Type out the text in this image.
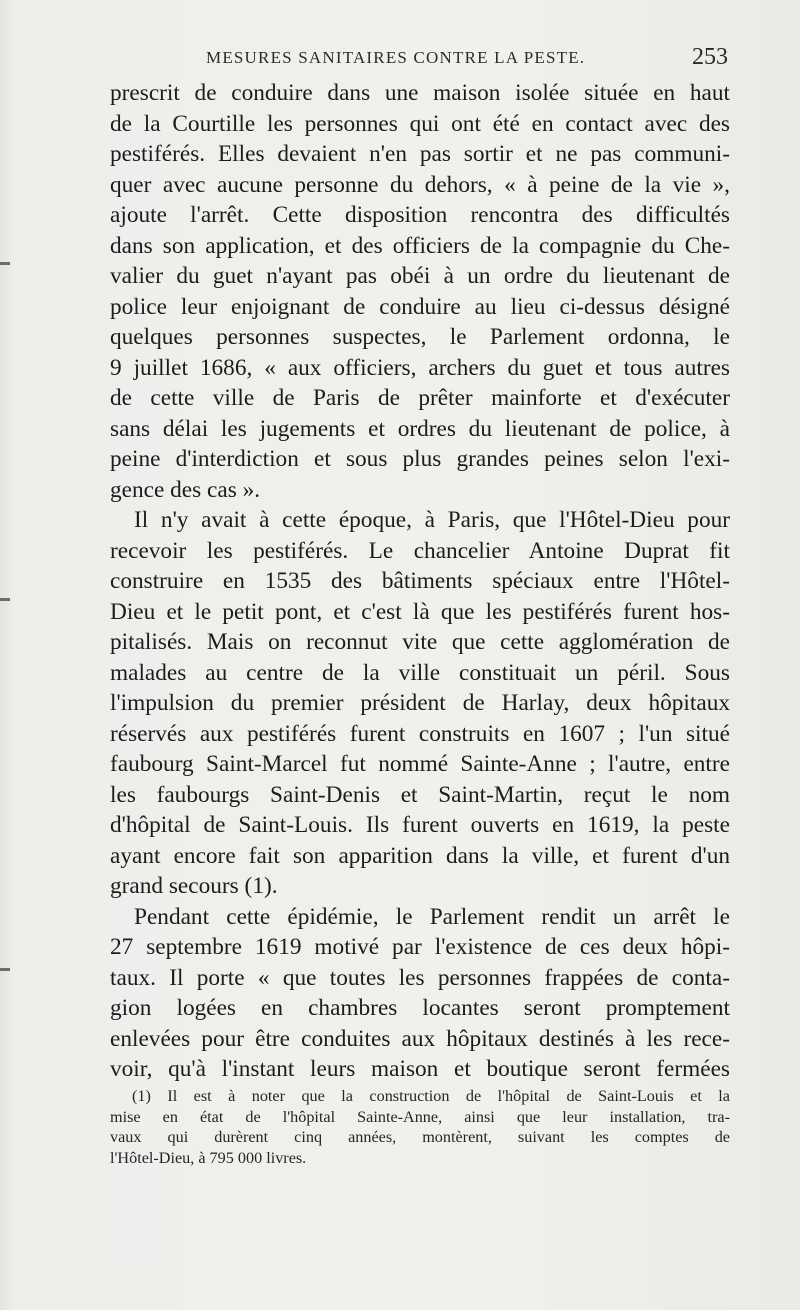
MESURES SANITAIRES CONTRE LA PESTE.	253
prescrit de conduire dans une maison isolée située en haut
de la Courtille les personnes qui ont été en contact avec des
pestiférés. Elles devaient n'en pas sortir et ne pas communi-
quer avec aucune personne du dehors, « à peine de la vie »,
ajoute l'arrêt. Cette disposition rencontra des difficultés
dans son application, et des officiers de la compagnie du Che-
valier du guet n'ayant pas obéi à un ordre du lieutenant de
police leur enjoignant de conduire au lieu ci-dessus désigné
quelques personnes suspectes, le Parlement ordonna, le
9 juillet 1686, « aux officiers, archers du guet et tous autres
de cette ville de Paris de prêter mainforte et d'exécuter
sans délai les jugements et ordres du lieutenant de police, à
peine d'interdiction et sous plus grandes peines selon l'exi-
gence des cas ».
Il n'y avait à cette époque, à Paris, que l'Hôtel-Dieu pour
recevoir les pestiférés. Le chancelier Antoine Duprat fit
construire en 1535 des bâtiments spéciaux entre l'Hôtel-
Dieu et le petit pont, et c'est là que les pestiférés furent hos-
pitalisés. Mais on reconnut vite que cette agglomération de
malades au centre de la ville constituait un péril. Sous
l'impulsion du premier président de Harlay, deux hôpitaux
réservés aux pestiférés furent construits en 1607 ; l'un situé
faubourg Saint-Marcel fut nommé Sainte-Anne ; l'autre, entre
les faubourgs Saint-Denis et Saint-Martin, reçut le nom
d'hôpital de Saint-Louis. Ils furent ouverts en 1619, la peste
ayant encore fait son apparition dans la ville, et furent d'un
grand secours (1).
Pendant cette épidémie, le Parlement rendit un arrêt le
27 septembre 1619 motivé par l'existence de ces deux hôpi-
taux. Il porte « que toutes les personnes frappées de conta-
gion logées en chambres locantes seront promptement
enlevées pour être conduites aux hôpitaux destinés à les rece-
voir, qu'à l'instant leurs maison et boutique seront fermées
(1) Il est à noter que la construction de l'hôpital de Saint-Louis et la
mise en état de l'hôpital Sainte-Anne, ainsi que leur installation, tra-
vaux qui durèrent cinq années, montèrent, suivant les comptes de
l'Hôtel-Dieu, à 795 000 livres.
